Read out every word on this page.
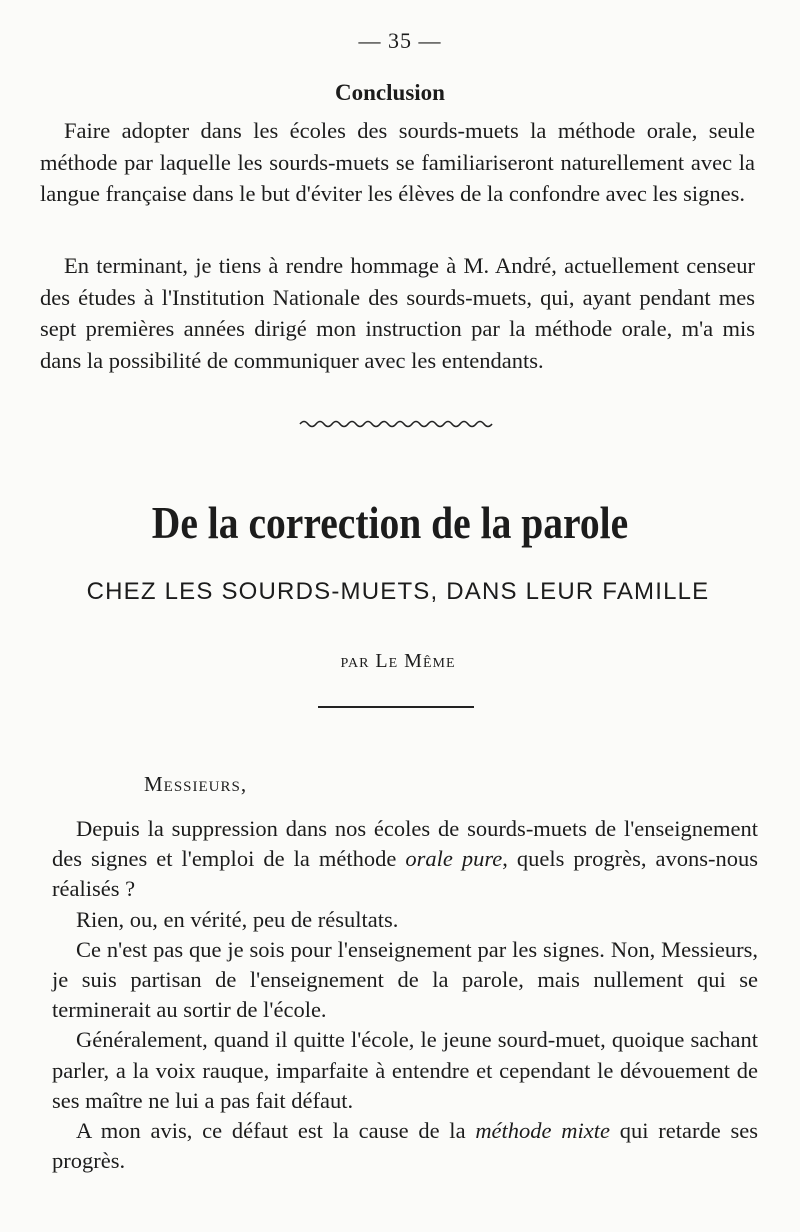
— 35 —
Conclusion

Faire adopter dans les écoles des sourds-muets la méthode orale, seule méthode par laquelle les sourds-muets se familiariseront naturellement avec la langue française dans le but d'éviter les élèves de la confondre avec les signes.

En terminant, je tiens à rendre hommage à M. André, actuellement censeur des études à l'Institution Nationale des sourds-muets, qui, ayant pendant mes sept premières années dirigé mon instruction par la méthode orale, m'a mis dans la possibilité de communiquer avec les entendants.

De la correction de la parole
CHEZ LES SOURDS-MUETS, DANS LEUR FAMILLE
par Le Même
Messieurs,

Depuis la suppression dans nos écoles de sourds-muets de l'enseignement des signes et l'emploi de la méthode orale pure, quels progrès, avons-nous réalisés ?

Rien, ou, en vérité, peu de résultats.

Ce n'est pas que je sois pour l'enseignement par les signes. Non, Messieurs, je suis partisan de l'enseignement de la parole, mais nullement qui se terminerait au sortir de l'école.

Généralement, quand il quitte l'école, le jeune sourd-muet, quoique sachant parler, a la voix rauque, imparfaite à entendre et cependant le dévouement de ses maître ne lui a pas fait défaut.

A mon avis, ce défaut est la cause de la méthode mixte qui retarde ses progrès.
